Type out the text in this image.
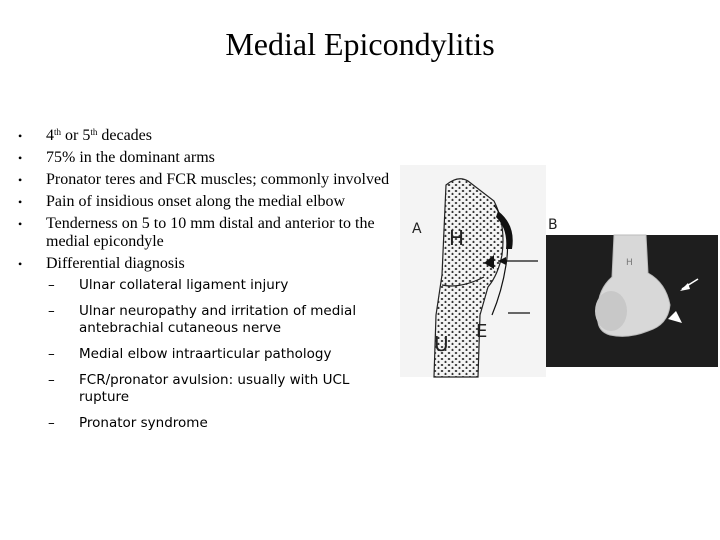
Medial Epicondylitis
• 4th or 5th decades
• 75% in the dominant arms
• Pronator teres and FCR muscles; commonly involved
• Pain of insidious onset along the medial elbow
• Tenderness on 5 to 10 mm distal and anterior to the medial epicondyle
• Differential diagnosis
– Ulnar collateral ligament injury
– Ulnar neuropathy and irritation of medial antebrachial cutaneous nerve
– Medial elbow intraarticular pathology
– FCR/pronator avulsion: usually with UCL rupture
– Pronator syndrome
A H
E
U
B
H
